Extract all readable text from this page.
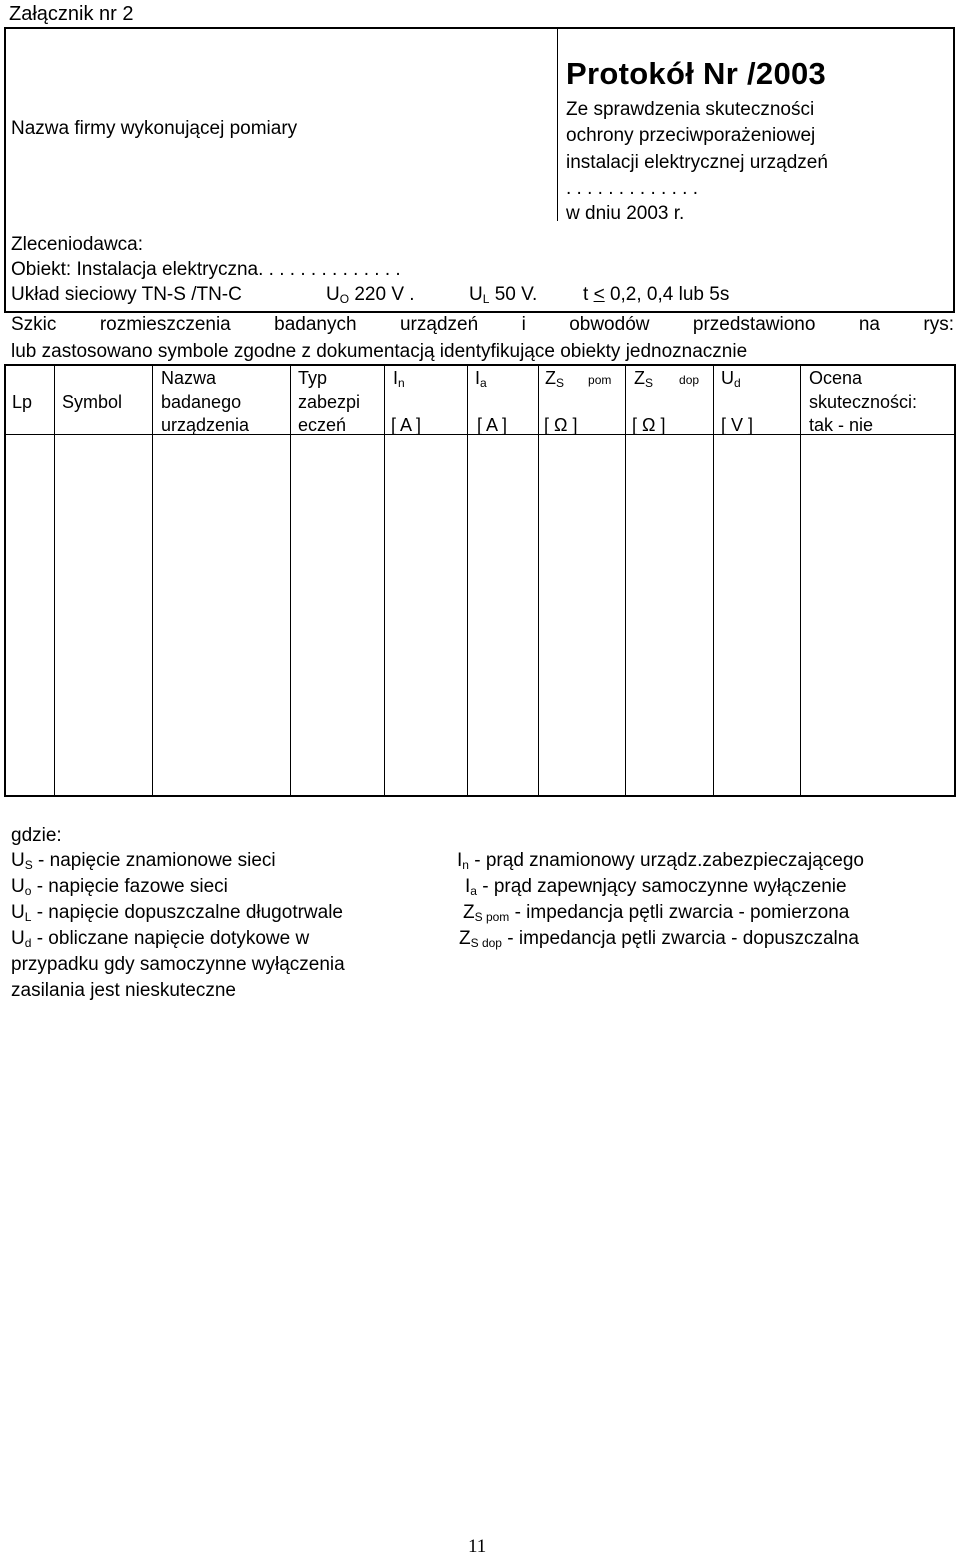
Załącznik nr 2
Nazwa firmy wykonującej pomiary
Protokół Nr /2003
Ze sprawdzenia skuteczności
ochrony przeciwporażeniowej
instalacji elektrycznej urządzeń
. . . . . . . . . . . . .
w dniu 2003 r.
Zleceniodawca:
Obiekt: Instalacja elektryczna. . . . . . . . . . . . . .
Układ sieciowy TN-S /TN-C	$U_O$ 220 V .	$U_L$ 50 V. t < 0,2, 0,4 lub 5s
Szkic rozmieszczenia badanych urządzeń i obwodów przedstawiono na rys:
lub zastosowano symbole zgodne z dokumentacją identyfikujące obiekty jednoznacznie
Lp Symbol
Nazwa
badanego
urządzenia
Typ
zabezpi
eczeń
$I_n$
[ A ]
$I_a$
[ A ]
$Z_S$ pom
[ Ω ]
$Z_S$ dop
[ Ω ]
$U_d$
[ V ]
Ocena
skuteczności:
tak - nie
gdzie:
$U_S$ - napięcie znamionowe sieci
$U_o$ - napięcie fazowe sieci
$U_L$ - napięcie dopuszczalne długotrwale
$U_d$ - obliczane napięcie dotykowe w
przypadku gdy samoczynne wyłączenia
zasilania jest nieskuteczne
$I_n$ - prąd znamionowy urządz.zabezpieczającego
$I_a$ - prąd zapewnjący samoczynne wyłączenie
$Z_{S pom}$ - impedancja pętli zwarcia - pomierzona
$Z_{S dop}$ - impedancja pętli zwarcia - dopuszczalna
11
